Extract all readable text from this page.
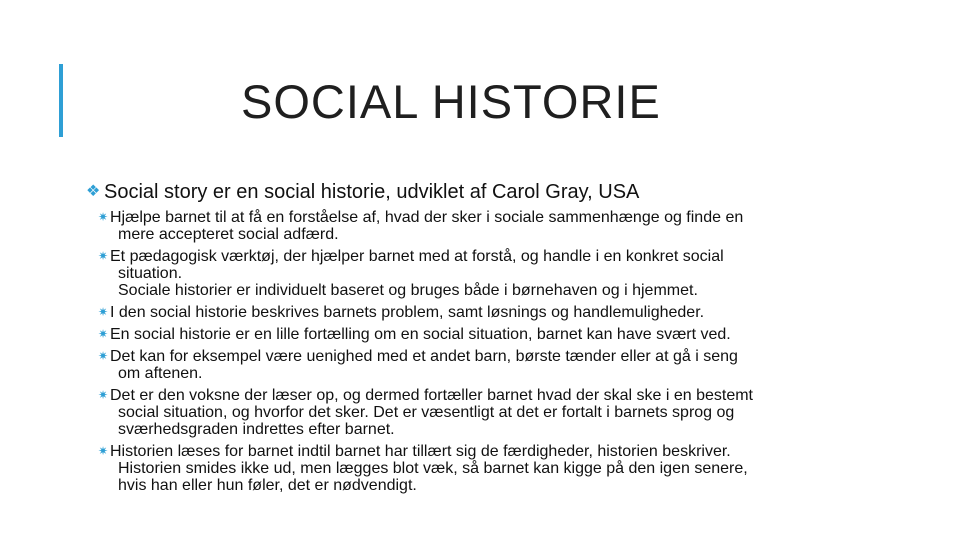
SOCIAL HISTORIE
❖ Social story er en social historie, udviklet af Carol Gray, USA
✷ Hjælpe barnet til at få en forståelse af, hvad der sker i sociale sammenhænge og finde en
mere accepteret social adfærd.
✷ Et pædagogisk værktøj, der hjælper barnet med at forstå, og handle i en konkret social
situation.
Sociale historier er individuelt baseret og bruges både i børnehaven og i hjemmet.
✷ I den social historie beskrives barnets problem, samt løsnings og handlemuligheder.
✷ En social historie er en lille fortælling om en social situation, barnet kan have svært ved.
✷ Det kan for eksempel være uenighed med et andet barn, børste tænder eller at gå i seng
om aftenen.
✷ Det er den voksne der læser op, og dermed fortæller barnet hvad der skal ske i en bestemt
social situation, og hvorfor det sker. Det er væsentligt at det er fortalt i barnets sprog og
sværhedsgraden indrettes efter barnet.
✷ Historien læses for barnet indtil barnet har tillært sig de færdigheder, historien beskriver.
Historien smides ikke ud, men lægges blot væk, så barnet kan kigge på den igen senere,
hvis han eller hun føler, det er nødvendigt.
